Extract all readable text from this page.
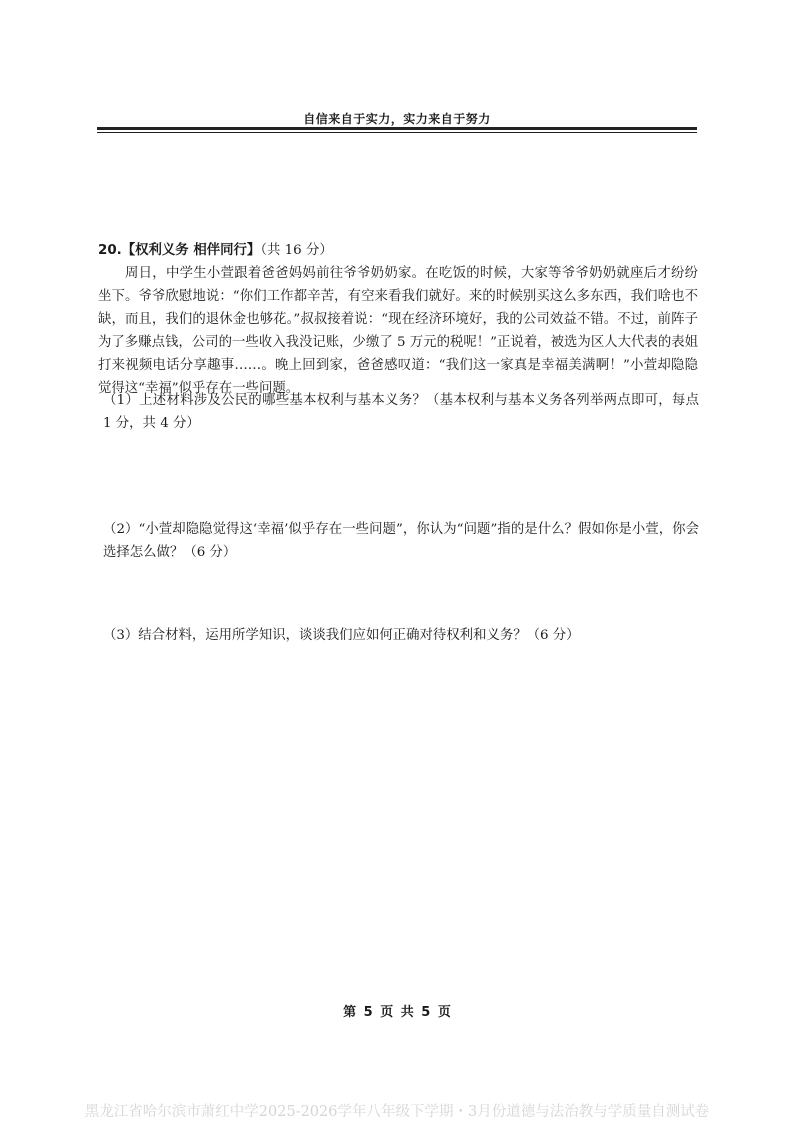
自信来自于实力，实力来自于努力

20.【权利义务 相伴同行】（共 16 分）

周日，中学生小萱跟着爸爸妈妈前往爷爷奶奶家。在吃饭的时候，大家等爷爷奶奶就座后才纷纷坐下。爷爷欣慰地说：“你们工作都辛苦，有空来看我们就好。来的时候别买这么多东西，我们啥也不缺，而且，我们的退休金也够花。”叔叔接着说：“现在经济环境好，我的公司效益不错。不过，前阵子为了多赚点钱，公司的一些收入我没记账，少缴了 5 万元的税呢！”正说着，被选为区人大代表的表姐打来视频电话分享趣事……。晚上回到家，爸爸感叹道：“我们这一家真是幸福美满啊！”小萱却隐隐觉得这“幸福”似乎存在一些问题。

（1）上述材料涉及公民的哪些基本权利与基本义务？（基本权利与基本义务各列举两点即可，每点 1 分，共 4 分）

（2）“小萱却隐隐觉得这‘幸福’似乎存在一些问题”，你认为“问题”指的是什么？假如你是小萱，你会选择怎么做？（6 分）

（3）结合材料，运用所学知识，谈谈我们应如何正确对待权利和义务？（6 分）

第 5 页 共 5 页
黑龙江省哈尔滨市萧红中学2025-2026学年八年级下学期・3月份道德与法治教与学质量自测试卷
